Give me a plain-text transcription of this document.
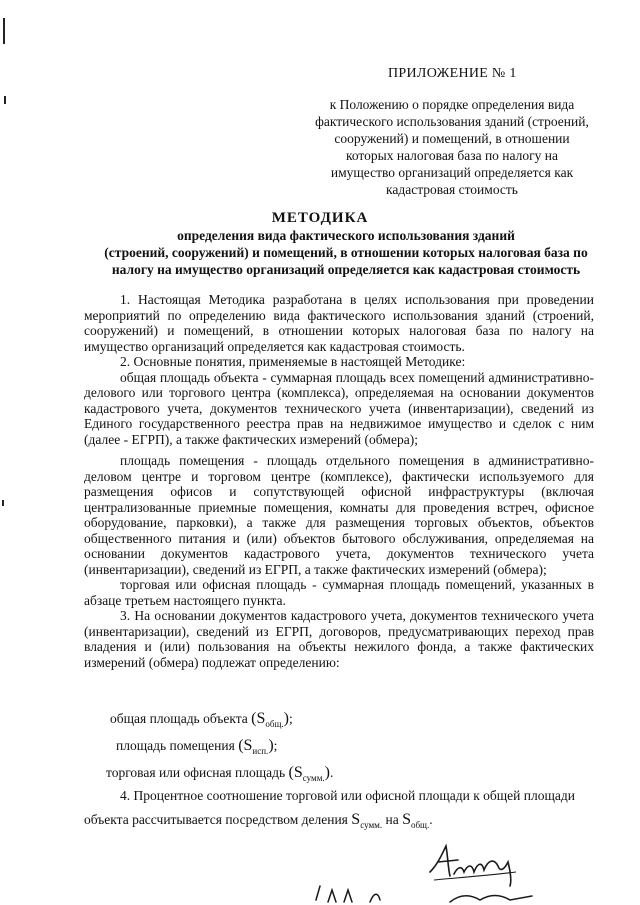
ПРИЛОЖЕНИЕ № 1
к Положению о порядке определения вида
фактического использования зданий (строений,
сооружений) и помещений, в отношении
которых налоговая база по налогу на
имущество организаций определяется как
кадастровая стоимость
МЕТОДИКА
определения вида фактического использования зданий
(строений, сооружений) и помещений, в отношении которых налоговая база по
налогу на имущество организаций определяется как кадастровая стоимость

1. Настоящая Методика разработана в целях использования при проведении мероприятий по определению вида фактического использования зданий (строений, сооружений) и помещений, в отношении которых налоговая база по налогу на имущество организаций определяется как кадастровая стоимость.

2. Основные понятия, применяемые в настоящей Методике:

общая площадь объекта - суммарная площадь всех помещений административно-делового или торгового центра (комплекса), определяемая на основании документов кадастрового учета, документов технического учета (инвентаризации), сведений из Единого государственного реестра прав на недвижимое имущество и сделок с ним (далее - ЕГРП), а также фактических измерений (обмера);

площадь помещения - площадь отдельного помещения в административно-деловом центре и торговом центре (комплексе), фактически используемого для размещения офисов и сопутствующей офисной инфраструктуры (включая централизованные приемные помещения, комнаты для проведения встреч, офисное оборудование, парковки), а также для размещения торговых объектов, объектов общественного питания и (или) объектов бытового обслуживания, определяемая на основании документов кадастрового учета, документов технического учета (инвентаризации), сведений из ЕГРП, а также фактических измерений (обмера);

торговая или офисная площадь - суммарная площадь помещений, указанных в абзаце третьем настоящего пункта.

3. На основании документов кадастрового учета, документов технического учета (инвентаризации), сведений из ЕГРП, договоров, предусматривающих переход прав владения и (или) пользования на объекты нежилого фонда, а также фактических измерений (обмера) подлежат определению:

общая площадь объекта $(S_{общ.})$;
площадь помещения $(S_{исп.})$;
торговая или офисная площадь $(S_{сумм.})$.

4. Процентное соотношение торговой или офисной площади к общей площади

объекта рассчитывается посредством деления $S_{сумм.}$ на $S_{общ.}$.
